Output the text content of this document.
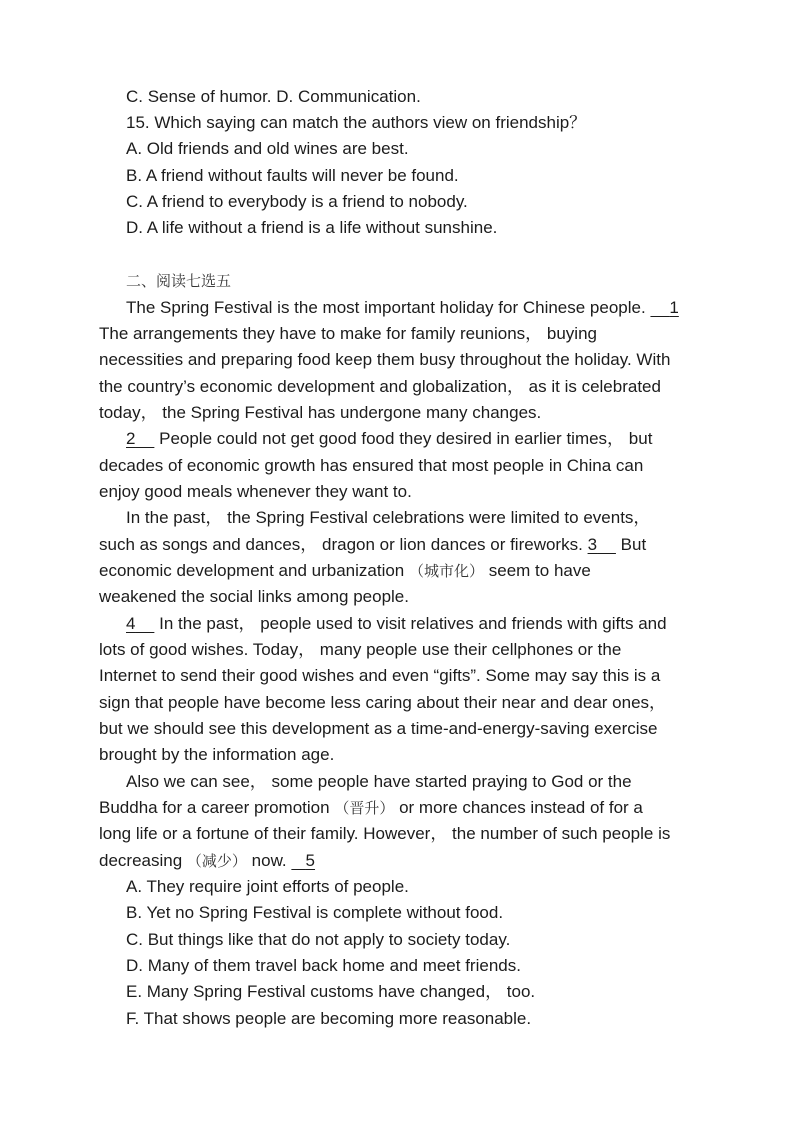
C. Sense of humor. D. Communication.
15. Which saying can match the authors view on friendship？
A. Old friends and old wines are best.
B. A friend without faults will never be found.
C. A friend to everybody is a friend to nobody.
D. A life without a friend is a life without sunshine.
二、阅读七选五
The Spring Festival is the most important holiday for Chinese people. 1
The arrangements they have to make for family reunions， buying
necessities and preparing food keep them busy throughout the holiday. With
the country’s economic development and globalization， as it is celebrated
today， the Spring Festival has undergone many changes.
2 People could not get good food they desired in earlier times， but
decades of economic growth has ensured that most people in China can
enjoy good meals whenever they want to.
In the past， the Spring Festival celebrations were limited to events，
such as songs and dances， dragon or lion dances or fireworks. 3 But
economic development and urbanization （城市化） seem to have
weakened the social links among people.
4 In the past， people used to visit relatives and friends with gifts and
lots of good wishes. Today， many people use their cellphones or the
Internet to send their good wishes and even “gifts”. Some may say this is a
sign that people have become less caring about their near and dear ones，
but we should see this development as a time-and-energy-saving exercise
brought by the information age.
Also we can see， some people have started praying to God or the
Buddha for a career promotion （晋升） or more chances instead of for a
long life or a fortune of their family. However， the number of such people is
decreasing （减少） now. 5
A. They require joint efforts of people.
B. Yet no Spring Festival is complete without food.
C. But things like that do not apply to society today.
D. Many of them travel back home and meet friends.
E. Many Spring Festival customs have changed， too.
F. That shows people are becoming more reasonable.
